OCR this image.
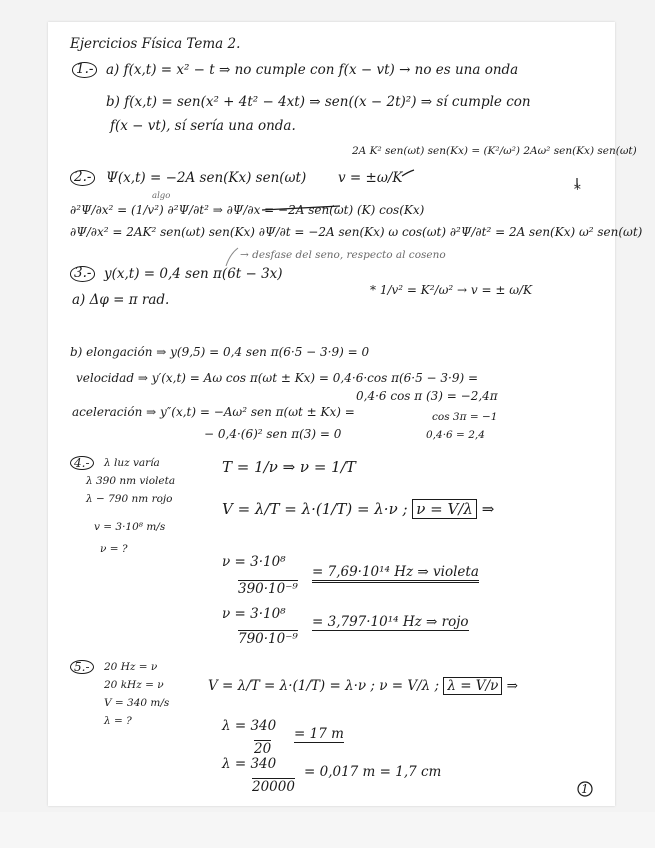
Ejercicios Física Tema 2.
1.- a) f(x,t) = x² − t ⇒ no cumple con f(x − vt) → no es una onda
b) f(x,t) = sen(x² + 4t² − 4xt) ⇒ sen((x − 2t)²) ⇒ sí cumple con
f(x − vt), sí sería una onda.
2A K² sen(ωt) sen(Kx) = (K²/ω²) 2Aω² sen(Kx) sen(ωt)
*
2.-	Ψ(x,t) = −2A sen(Kx) sen(ωt) v = ±ω/K
algo
∂²Ψ/∂x² = (1/v²) ∂²Ψ/∂t² ⇒ ∂Ψ/∂x = −2A sen(ωt) (K) cos(Kx)
∂Ψ/∂x² = 2AK² sen(ωt) sen(Kx) ∂Ψ/∂t = −2A sen(Kx) ω cos(ωt) ∂²Ψ/∂t² = 2A sen(Kx) ω² sen(ωt)
→ desfase del seno, respecto al coseno
3.- y(x,t) = 0,4 sen π(6t − 3x)
a) Δφ = π rad.
* 1/v² = K²/ω² → v = ± ω/K
b) elongación ⇒ y(9,5) = 0,4 sen π(6·5 − 3·9) = 0
velocidad ⇒ y′(x,t) = Aω cos π(ωt ± Kx) = 0,4·6·cos π(6·5 − 3·9) =
0,4·6 cos π (3) = −2,4π
aceleración ⇒ y″(x,t) = −Aω² sen π(ωt ± Kx) =
− 0,4·(6)² sen π(3) = 0
cos 3π = −1
0,4·6 = 2,4
4.-	λ luz varía
λ 390 nm violeta
λ − 790 nm rojo
v = 3·10⁸ m/s
ν = ?
T = 1/ν ⇒ ν = 1/T
V = λ/T = λ·(1/T) = λ·ν ; ν = V/λ ⇒
ν = 3·10⁸
390·10⁻⁹
= 7,69·10¹⁴ Hz ⇒ violeta
ν = 3·10⁸
790·10⁻⁹
= 3,797·10¹⁴ Hz ⇒ rojo
5.-	20 Hz = ν
20 kHz = ν
V = 340 m/s
λ = ?
V = λ/T = λ·(1/T) = λ·ν ; ν = V/λ ; λ = V/ν ⇒
λ = 340
20
= 17 m
λ = 340
20000
= 0,017 m = 1,7 cm
1
